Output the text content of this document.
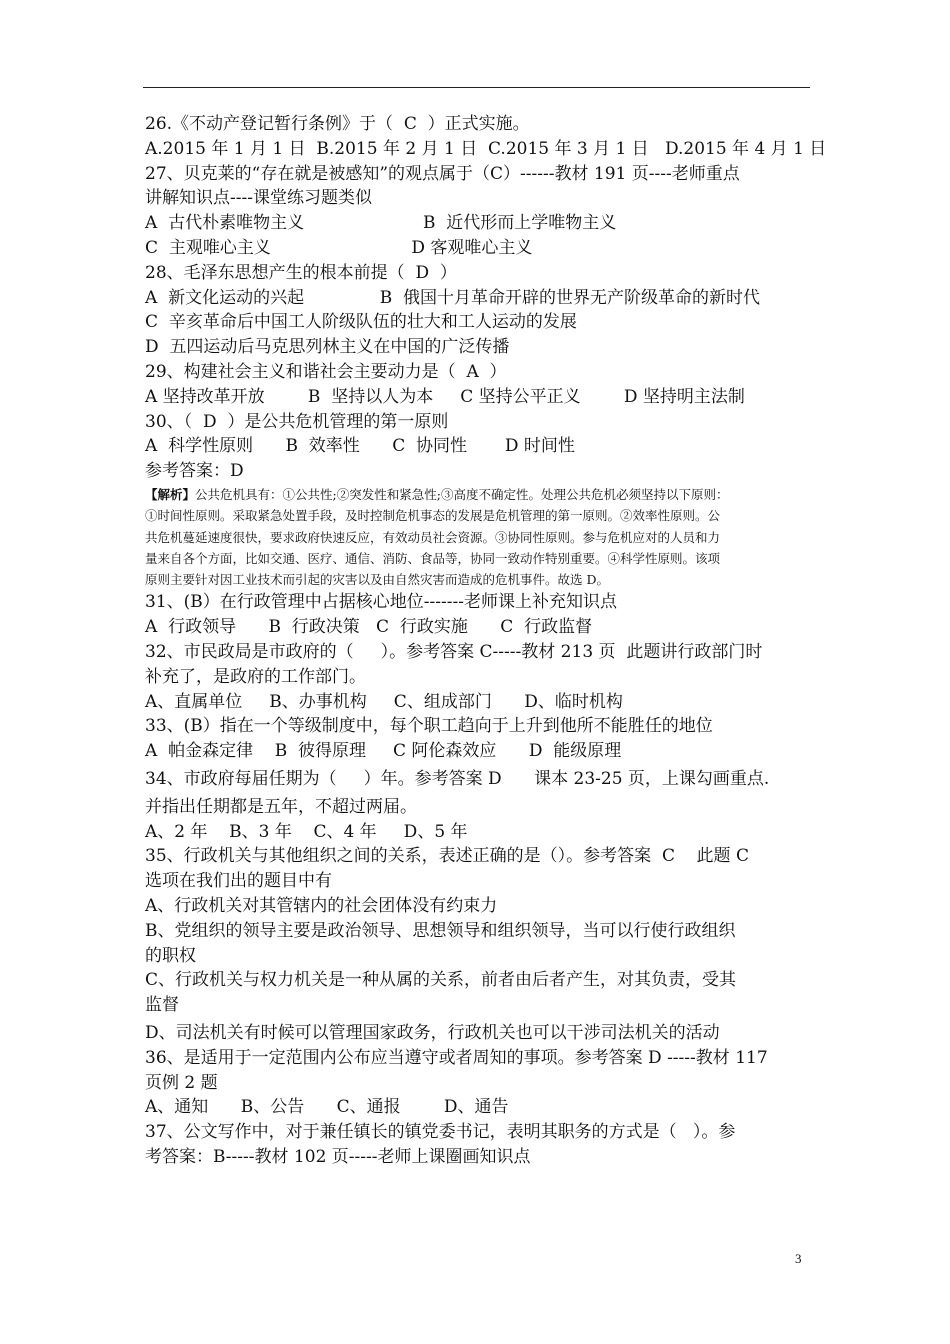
26.《不动产登记暂行条例》于（  C  ）正式实施。
A.2015 年 1 月 1 日  B.2015 年 2 月 1 日  C.2015 年 3 月 1 日   D.2015 年 4 月 1 日
27、贝克莱的“存在就是被感知”的观点属于（C）------教材 191 页----老师重点
讲解知识点----课堂练习题类似
A  古代朴素唯物主义                      B  近代形而上学唯物主义
C  主观唯心主义                          D 客观唯心主义
28、毛泽东思想产生的根本前提（  D  ）
A  新文化运动的兴起              B  俄国十月革命开辟的世界无产阶级革命的新时代
C  辛亥革命后中国工人阶级队伍的壮大和工人运动的发展
D  五四运动后马克思列林主义在中国的广泛传播
29、构建社会主义和谐社会主要动力是（  A  ）
A 坚持改革开放        B  坚持以人为本     C 坚持公平正义        D 坚持明主法制
30、（  D  ）是公共危机管理的第一原则
A  科学性原则      B  效率性      C  协同性       D 时间性
参考答案：D
【解析】公共危机具有：①公共性;②突发性和紧急性;③高度不确定性。处理公共危机必须坚持以下原则：
①时间性原则。采取紧急处置手段，及时控制危机事态的发展是危机管理的第一原则。②效率性原则。公
共危机蔓延速度很快，要求政府快速反应，有效动员社会资源。③协同性原则。参与危机应对的人员和力
量来自各个方面，比如交通、医疗、通信、消防、食品等，协同一致动作特别重要。④科学性原则。该项
原则主要针对因工业技术而引起的灾害以及由自然灾害而造成的危机事件。故选 D。
31、(B）在行政管理中占据核心地位-------老师课上补充知识点
A  行政领导      B  行政决策   C  行政实施      C  行政监督
32、市民政局是市政府的（     ）。参考答案 C-----教材 213 页  此题讲行政部门时
补充了，是政府的工作部门。
A、直属单位     B、办事机构     C、组成部门      D、临时机构
33、(B）指在一个等级制度中，每个职工趋向于上升到他所不能胜任的地位
A  帕金森定律    B  彼得原理     C 阿伦森效应      D  能级原理
34、市政府每届任期为（     ）年。参考答案 D      课本 23-25 页，上课勾画重点.
并指出任期都是五年，不超过两届。
A、2 年    B、3 年    C、4 年     D、5 年
35、行政机关与其他组织之间的关系，表述正确的是（）。参考答案  C    此题 C
选项在我们出的题目中有
A、行政机关对其管辖内的社会团体没有约束力
B、党组织的领导主要是政治领导、思想领导和组织领导，当可以行使行政组织
的职权
C、行政机关与权力机关是一种从属的关系，前者由后者产生，对其负责，受其
监督
D、司法机关有时候可以管理国家政务，行政机关也可以干涉司法机关的活动
36、是适用于一定范围内公布应当遵守或者周知的事项。参考答案 D -----教材 117
页例 2 题
A、通知      B、公告      C、通报        D、通告
37、公文写作中，对于兼任镇长的镇党委书记，表明其职务的方式是（   ）。参
考答案：B-----教材 102 页-----老师上课圈画知识点
3
